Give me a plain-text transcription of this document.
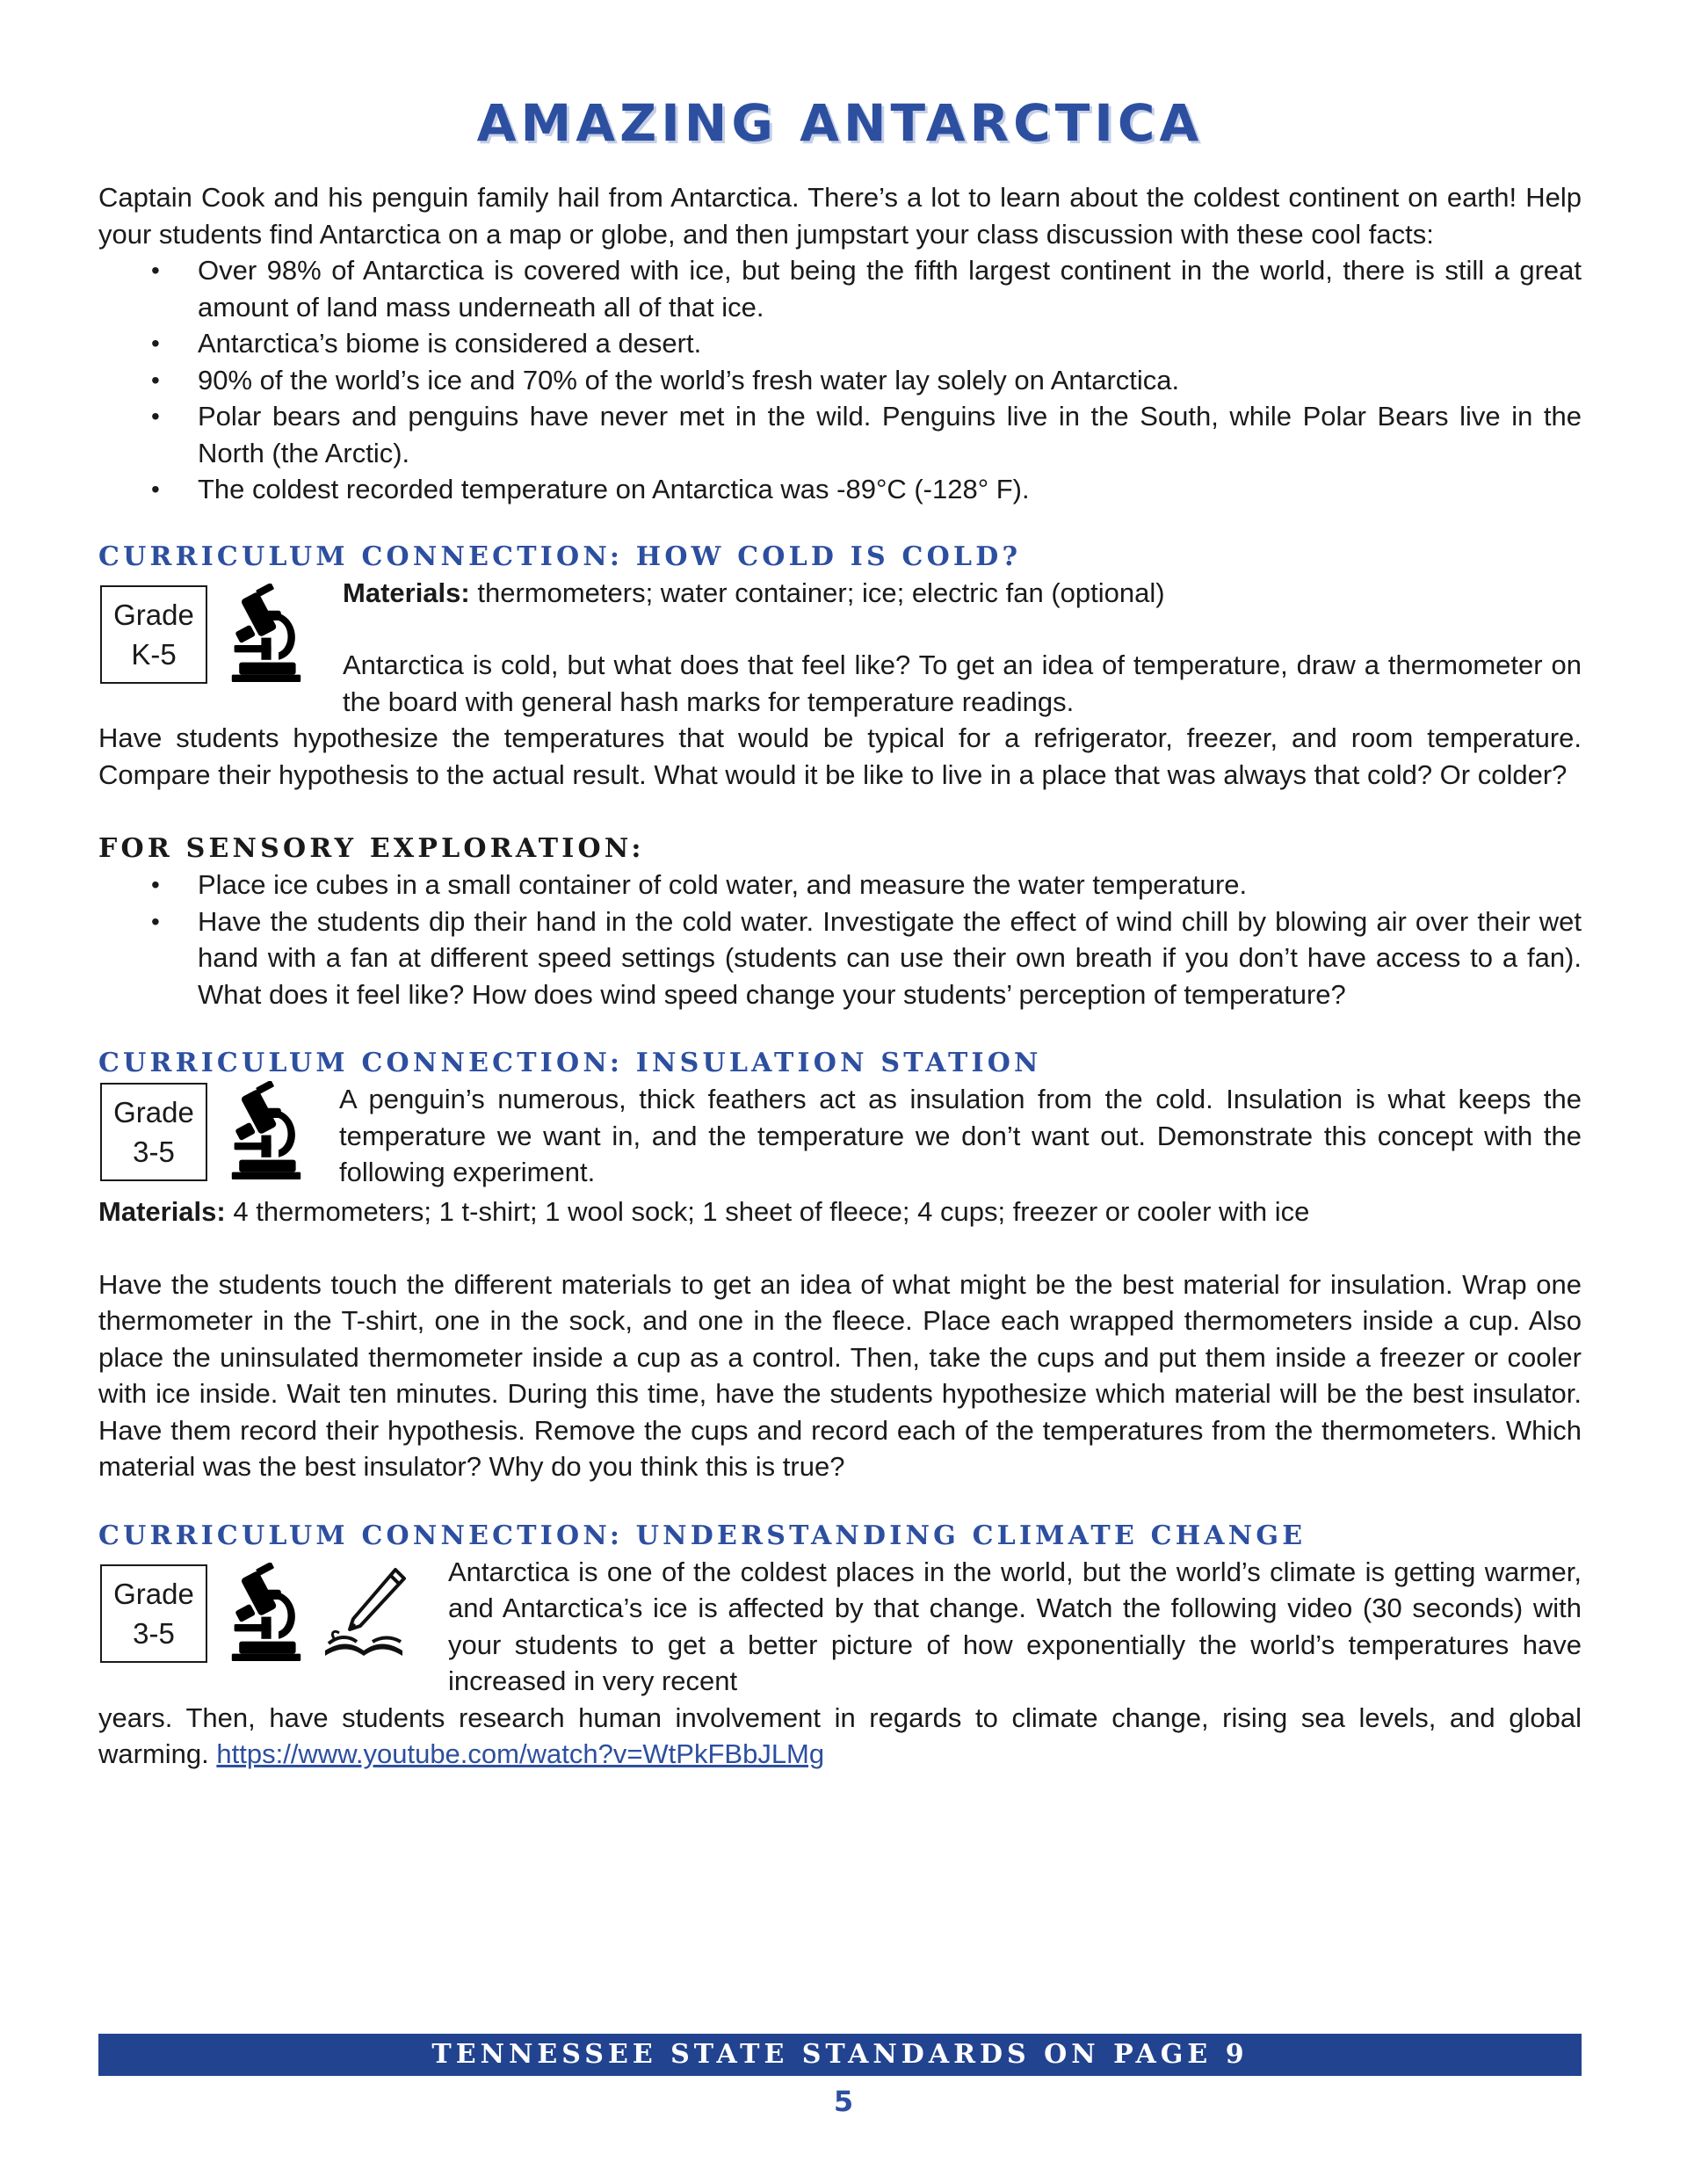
AMAZING ANTARCTICA

Captain Cook and his penguin family hail from Antarctica. There’s a lot to learn about the coldest continent on earth! Help your students find Antarctica on a map or globe, and then jumpstart your class discussion with these cool facts:

• Over 98% of Antarctica is covered with ice, but being the fifth largest continent in the world, there is still a great amount of land mass underneath all of that ice.
• Antarctica’s biome is considered a desert.
• 90% of the world’s ice and 70% of the world’s fresh water lay solely on Antarctica.
• Polar bears and penguins have never met in the wild. Penguins live in the South, while Polar Bears live in the North (the Arctic).
• The coldest recorded temperature on Antarctica was -89°C (-128° F).
CURRICULUM CONNECTION: HOW COLD IS COLD?
Grade
K-5

Materials: thermometers; water container; ice; electric fan (optional)

Antarctica is cold, but what does that feel like? To get an idea of temperature, draw a thermometer on the board with general hash marks for temperature readings.

Have students hypothesize the temperatures that would be typical for a refrigerator, freezer, and room temperature. Compare their hypothesis to the actual result. What would it be like to live in a place that was always that cold? Or colder?

FOR SENSORY EXPLORATION:
• Place ice cubes in a small container of cold water, and measure the water temperature.
• Have the students dip their hand in the cold water. Investigate the effect of wind chill by blowing air over their wet hand with a fan at different speed settings (students can use their own breath if you don’t have access to a fan). What does it feel like? How does wind speed change your students’ perception of temperature?
CURRICULUM CONNECTION: INSULATION STATION
Grade
3-5

A penguin’s numerous, thick feathers act as insulation from the cold. Insulation is what keeps the temperature we want in, and the temperature we don’t want out. Demonstrate this concept with the following experiment.

Materials: 4 thermometers; 1 t-shirt; 1 wool sock; 1 sheet of fleece; 4 cups; freezer or cooler with ice

Have the students touch the different materials to get an idea of what might be the best material for insulation. Wrap one thermometer in the T-shirt, one in the sock, and one in the fleece. Place each wrapped thermometers inside a cup. Also place the uninsulated thermometer inside a cup as a control. Then, take the cups and put them inside a freezer or cooler with ice inside. Wait ten minutes. During this time, have the students hypothesize which material will be the best insulator. Have them record their hypothesis. Remove the cups and record each of the temperatures from the thermometers. Which material was the best insulator? Why do you think this is true?

CURRICULUM CONNECTION: UNDERSTANDING CLIMATE CHANGE
Grade
3-5

Antarctica is one of the coldest places in the world, but the world’s climate is getting warmer, and Antarctica’s ice is affected by that change. Watch the following video (30 seconds) with your students to get a better picture of how exponentially the world’s temperatures have increased in very recent

years. Then, have students research human involvement in regards to climate change, rising sea levels, and global warming. https://www.youtube.com/watch?v=WtPkFBbJLMg

TENNESSEE STATE STANDARDS ON PAGE 9
5
